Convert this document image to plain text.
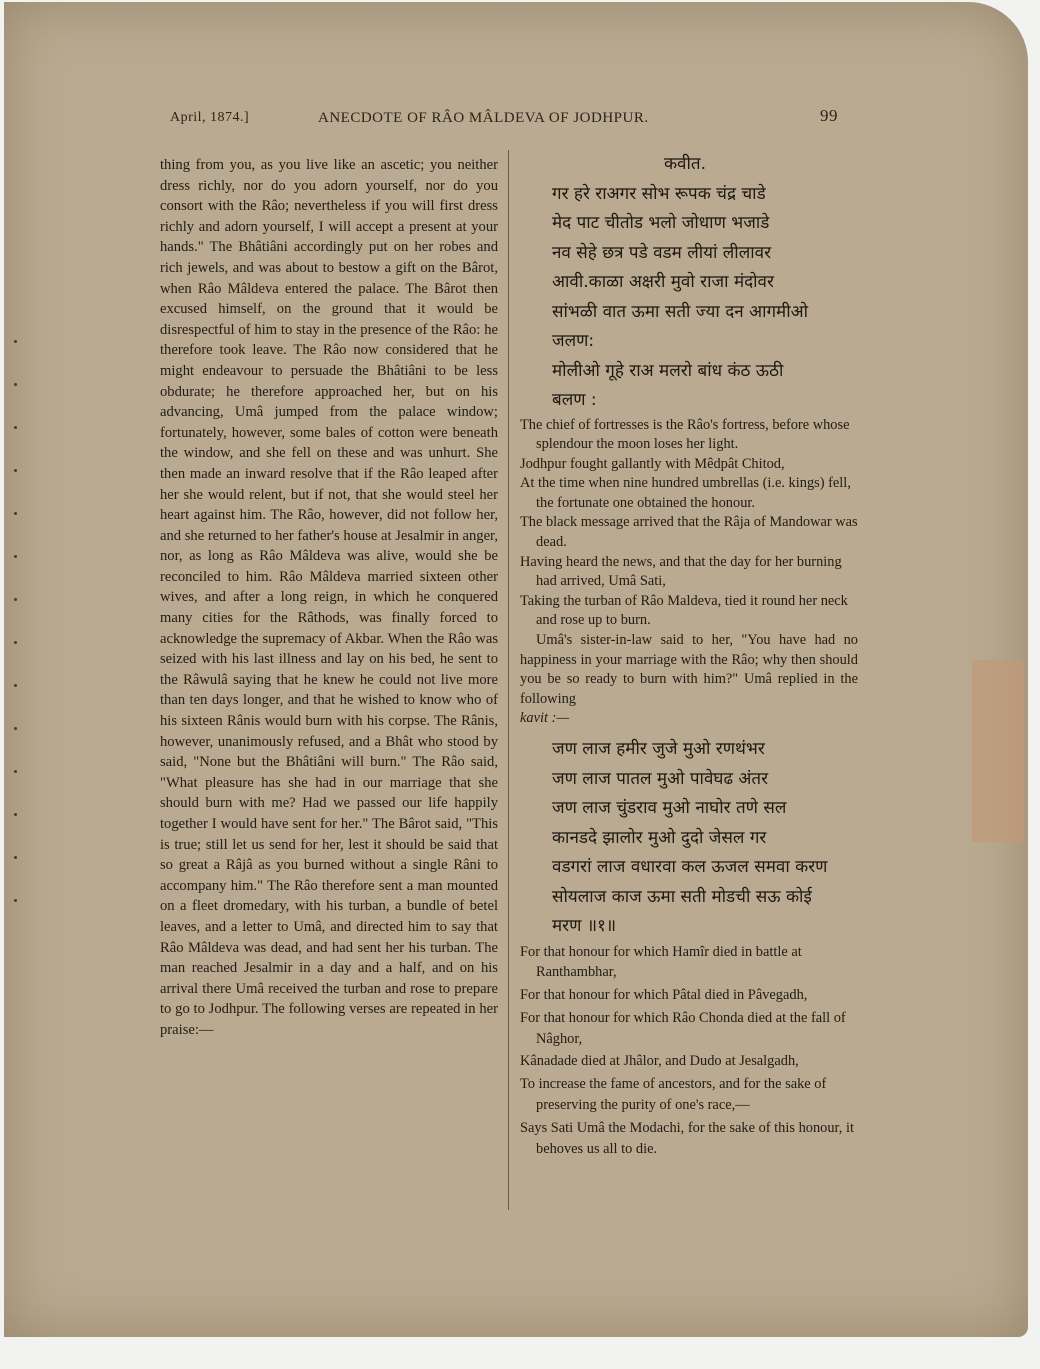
April, 1874.]	ANECDOTE OF RÂO MÂLDEVA OF JODHPUR.	99

thing from you, as you live like an ascetic; you neither dress richly, nor do you adorn yourself, nor do you consort with the Râo; nevertheless if you will first dress richly and adorn yourself, I will accept a present at your hands." The Bhâtiâni accordingly put on her robes and rich jewels, and was about to bestow a gift on the Bârot, when Râo Mâldeva entered the palace. The Bârot then excused himself, on the ground that it would be disrespectful of him to stay in the presence of the Râo: he therefore took leave. The Râo now considered that he might endeavour to persuade the Bhâtiâni to be less obdurate; he therefore approached her, but on his advancing, Umâ jumped from the palace window; fortunately, however, some bales of cotton were beneath the window, and she fell on these and was unhurt. She then made an inward resolve that if the Râo leaped after her she would relent, but if not, that she would steel her heart against him. The Râo, however, did not follow her, and she returned to her father's house at Jesalmir in anger, nor, as long as Râo Mâldeva was alive, would she be reconciled to him. Râo Mâldeva married sixteen other wives, and after a long reign, in which he conquered many cities for the Râthods, was finally forced to acknowledge the supremacy of Akbar. When the Râo was seized with his last illness and lay on his bed, he sent to the Râwulâ saying that he knew he could not live more than ten days longer, and that he wished to know who of his sixteen Rânis would burn with his corpse. The Rânis, however, unanimously refused, and a Bhât who stood by said, "None but the Bhâtiâni will burn." The Râo said, "What pleasure has she had in our marriage that she should burn with me? Had we passed our life happily together I would have sent for her." The Bârot said, "This is true; still let us send for her, lest it should be said that so great a Râjâ as you burned without a single Râni to accompany him." The Râo therefore sent a man mounted on a fleet dromedary, with his turban, a bundle of betel leaves, and a letter to Umâ, and directed him to say that Râo Mâldeva was dead, and had sent her his turban. The man reached Jesalmir in a day and a half, and on his arrival there Umâ received the turban and rose to prepare to go to Jodhpur. The following verses are repeated in her praise:—

कवीत.
गर हरे राअगर सोभ रूपक चंद्र चाडे
मेद पाट चीतोड भलो जोधाण भजाडे
नव सेहे छत्र पडे वडम लीयां लीलावर
आवी.काळा अक्षरी मुवो राजा मंदोवर
सांभळी वात ऊमा सती ज्या दन आगमीओ
जलण:
मोलीओ गूहे राअ मलरो बांध कंठ ऊठी
बलण :

The chief of fortresses is the Râo's fortress, before whose splendour the moon loses her light.

Jodhpur fought gallantly with Mêdpât Chitod,

At the time when nine hundred umbrellas (i.e. kings) fell, the fortunate one obtained the honour.

The black message arrived that the Râja of Mandowar was dead.

Having heard the news, and that the day for her burning had arrived, Umâ Sati,

Taking the turban of Râo Maldeva, tied it round her neck and rose up to burn.

Umâ's sister-in-law said to her, "You have had no happiness in your marriage with the Râo; why then should you be so ready to burn with him?" Umâ replied in the following

kavit :—

जण लाज हमीर जुजे मुओ रणथंभर
जण लाज पातल मुओ पावेघढ अंतर
जण लाज चुंडराव मुओ नाघोर तणे सल
कानडदे झालोर मुओ दुदो जेसल गर
वडगरां लाज वधारवा कल ऊजल समवा करण
सोयलाज काज ऊमा सती मोडची सऊ कोई
मरण ॥१॥

For that honour for which Hamîr died in battle at Ranthambhar,

For that honour for which Pâtal died in Pâvegadh,

For that honour for which Râo Chonda died at the fall of Nâghor,

Kânadade died at Jhâlor, and Dudo at Jesalgadh,

To increase the fame of ancestors, and for the sake of preserving the purity of one's race,—

Says Sati Umâ the Modachi, for the sake of this honour, it behoves us all to die.
